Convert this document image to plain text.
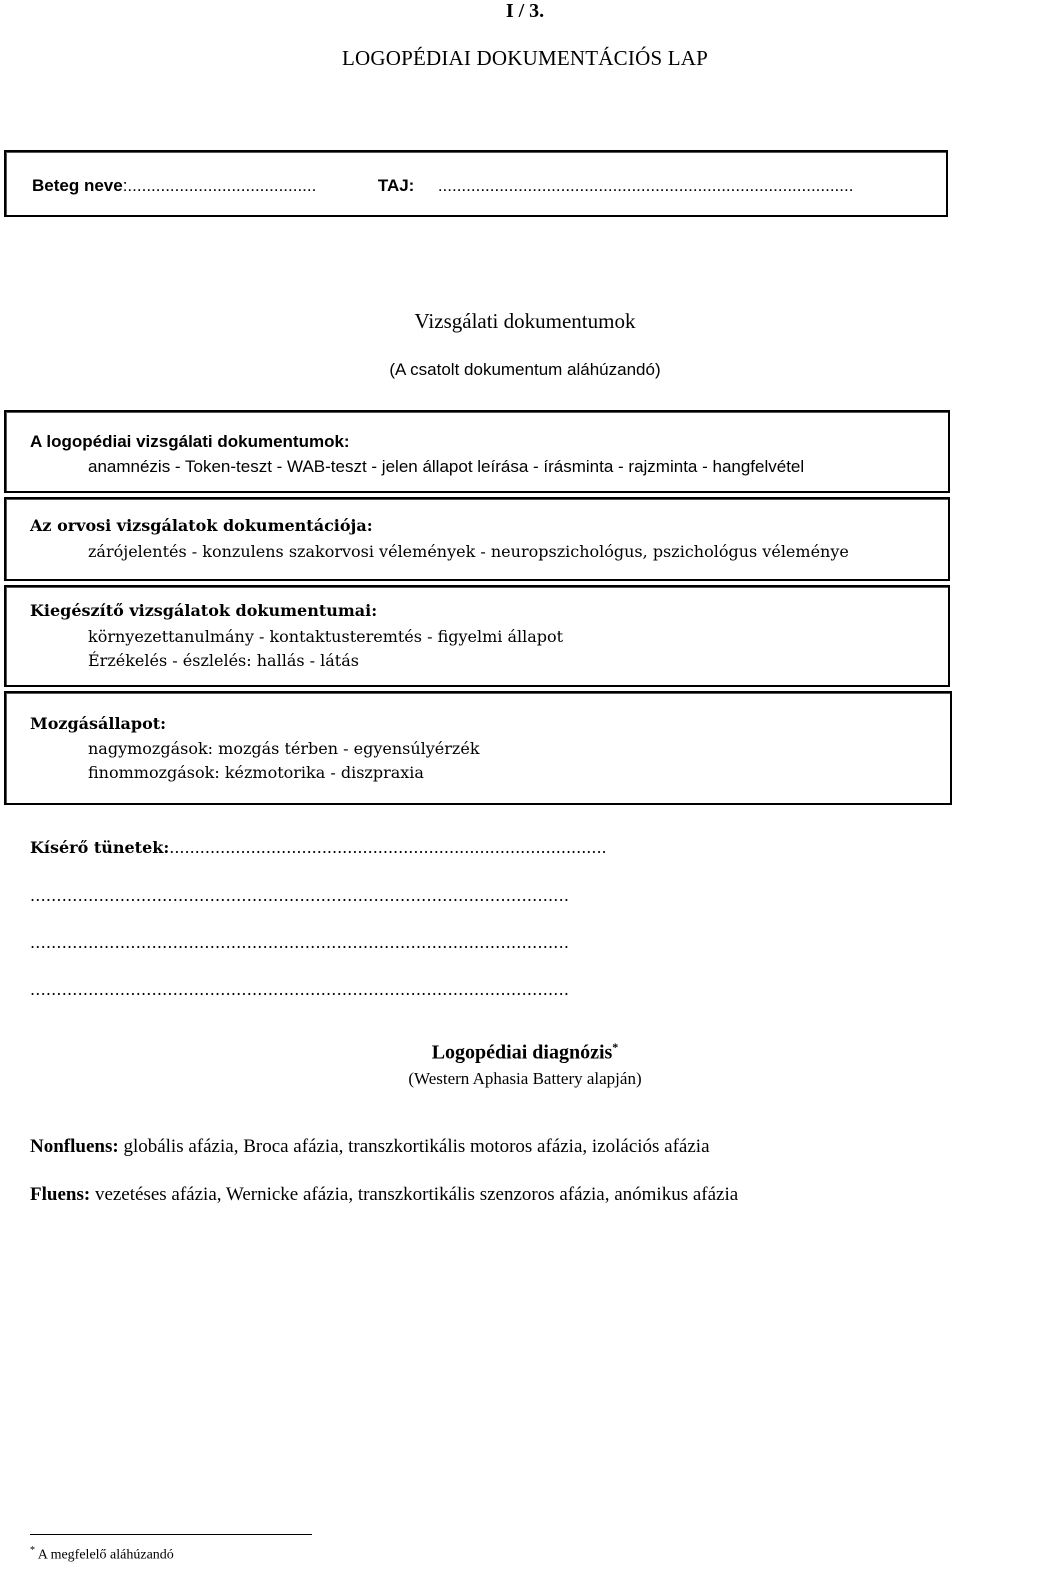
I / 3.
LOGOPÉDIAI DOKUMENTÁCIÓS LAP
Beteg neve:........................................	TAJ: ........................................................................................
Vizsgálati dokumentumok
(A csatolt dokumentum aláhúzandó)
A logopédiai vizsgálati dokumentumok:
anamnézis - Token-teszt - WAB-teszt - jelen állapot leírása - írásminta - rajzminta - hangfelvétel
Az orvosi vizsgálatok dokumentációja:
zárójelentés - konzulens szakorvosi vélemények - neuropszichológus, pszichológus véleménye
Kiegészítő vizsgálatok dokumentumai:
környezettanulmány - kontaktusteremtés - figyelmi állapot
Érzékelés - észlelés: hallás - látás
Mozgásállapot:
nagymozgások: mozgás térben - egyensúlyérzék
finommozgások: kézmotorika - diszpraxia
Kísérő tünetek:......................................................................................
......................................................................................................
......................................................................................................
......................................................................................................
Logopédiai diagnózis*
(Western Aphasia Battery alapján)
Nonfluens: globális afázia, Broca afázia, transzkortikális motoros afázia, izolációs afázia
Fluens: vezetéses afázia, Wernicke afázia, transzkortikális szenzoros afázia, anómikus afázia
* A megfelelő aláhúzandó
